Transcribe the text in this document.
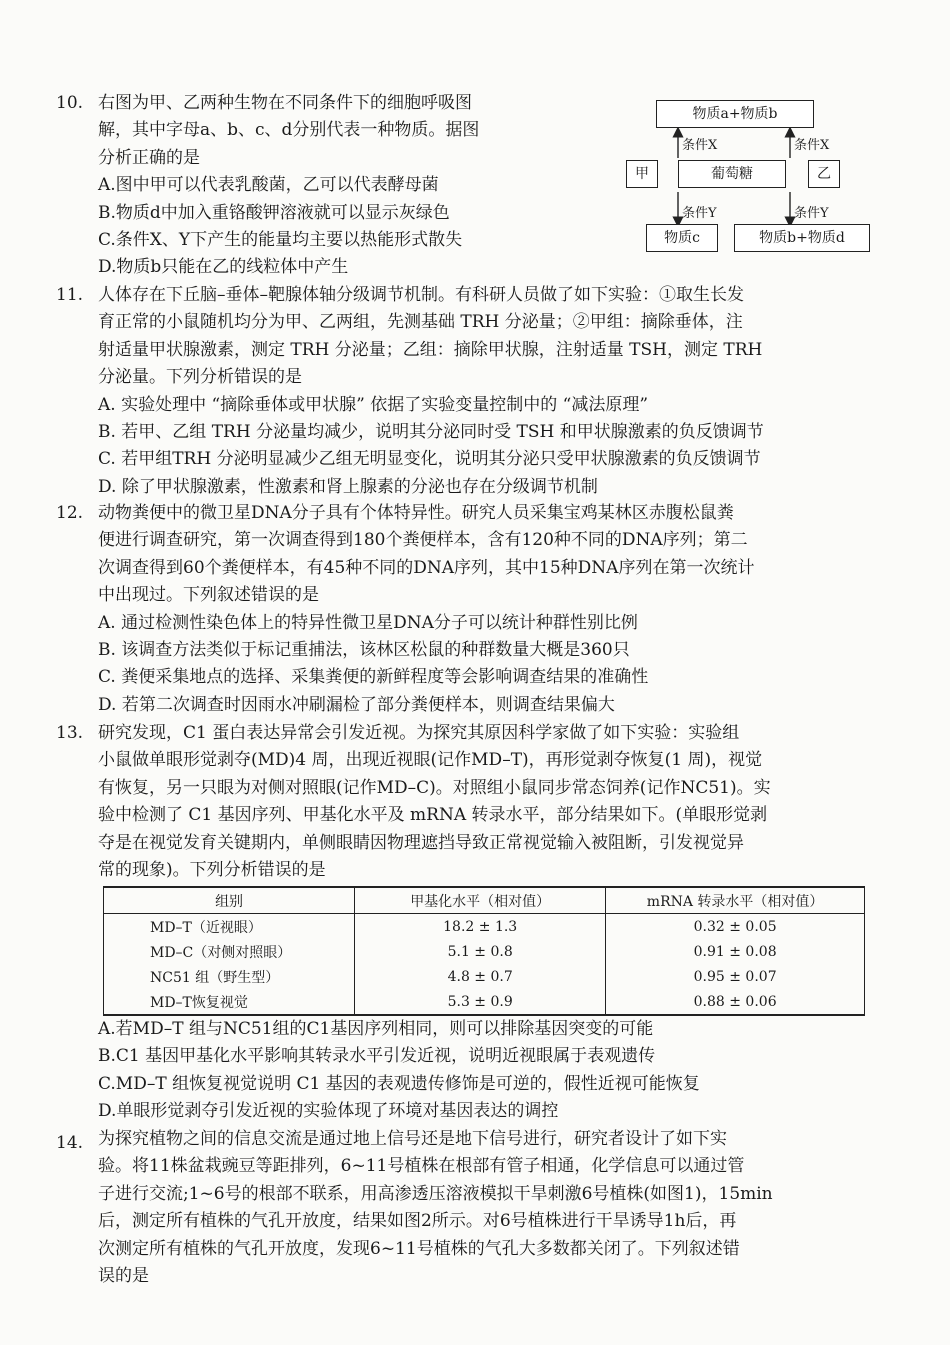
10. 右图为甲、乙两种生物在不同条件下的细胞呼吸图
解，其中字母a、b、c、d分别代表一种物质。据图
分析正确的是
A.图中甲可以代表乳酸菌，乙可以代表酵母菌
B.物质d中加入重铬酸钾溶液就可以显示灰绿色
C.条件X、Y下产生的能量均主要以热能形式散失
D.物质b只能在乙的线粒体中产生
物质a+物质b
条件X	条件X
甲	葡萄糖	乙
条件Y	条件Y
物质c	物质b+物质d
11. 人体存在下丘脑–垂体–靶腺体轴分级调节机制。有科研人员做了如下实验：①取生长发
育正常的小鼠随机均分为甲、乙两组，先测基础 TRH 分泌量；②甲组：摘除垂体，注
射适量甲状腺激素，测定 TRH 分泌量；乙组：摘除甲状腺，注射适量 TSH，测定 TRH
分泌量。下列分析错误的是
A. 实验处理中 “摘除垂体或甲状腺” 依据了实验变量控制中的 “减法原理”
B. 若甲、乙组 TRH 分泌量均减少，说明其分泌同时受 TSH 和甲状腺激素的负反馈调节
C. 若甲组TRH 分泌明显减少乙组无明显变化，说明其分泌只受甲状腺激素的负反馈调节
D. 除了甲状腺激素，性激素和肾上腺素的分泌也存在分级调节机制
12. 动物粪便中的微卫星DNA分子具有个体特异性。研究人员采集宝鸡某林区赤腹松鼠粪
便进行调查研究，第一次调查得到180个粪便样本，含有120种不同的DNA序列；第二
次调查得到60个粪便样本，有45种不同的DNA序列，其中15种DNA序列在第一次统计
中出现过。下列叙述错误的是
A. 通过检测性染色体上的特异性微卫星DNA分子可以统计种群性别比例
B. 该调查方法类似于标记重捕法，该林区松鼠的种群数量大概是360只
C. 粪便采集地点的选择、采集粪便的新鲜程度等会影响调查结果的准确性
D. 若第二次调查时因雨水冲刷漏检了部分粪便样本，则调查结果偏大
13. 研究发现，C1 蛋白表达异常会引发近视。为探究其原因科学家做了如下实验：实验组
小鼠做单眼形觉剥夺(MD)4 周，出现近视眼(记作MD–T)，再形觉剥夺恢复(1 周)，视觉
有恢复，另一只眼为对侧对照眼(记作MD–C)。对照组小鼠同步常态饲养(记作NC51)。实
验中检测了 C1 基因序列、甲基化水平及 mRNA 转录水平，部分结果如下。(单眼形觉剥
夺是在视觉发育关键期内，单侧眼睛因物理遮挡导致正常视觉输入被阻断，引发视觉异
常的现象)。下列分析错误的是
组别	甲基化水平（相对值）	mRNA 转录水平（相对值）
MD–T（近视眼）	18.2 ± 1.3	0.32 ± 0.05
MD–C（对侧对照眼）	5.1 ± 0.8	0.91 ± 0.08
NC51 组（野生型）	4.8 ± 0.7	0.95 ± 0.07
MD–T恢复视觉	5.3 ± 0.9	0.88 ± 0.06
A.若MD–T 组与NC51组的C1基因序列相同，则可以排除基因突变的可能
B.C1 基因甲基化水平影响其转录水平引发近视，说明近视眼属于表观遗传
C.MD–T 组恢复视觉说明 C1 基因的表观遗传修饰是可逆的，假性近视可能恢复
D.单眼形觉剥夺引发近视的实验体现了环境对基因表达的调控
14. 为探究植物之间的信息交流是通过地上信号还是地下信号进行，研究者设计了如下实
验。将11株盆栽豌豆等距排列，6~11号植株在根部有管子相通，化学信息可以通过管
子进行交流;1~6号的根部不联系，用高渗透压溶液模拟干旱刺激6号植株(如图1)，15min
后，测定所有植株的气孔开放度，结果如图2所示。对6号植株进行干旱诱导1h后，再
次测定所有植株的气孔开放度，发现6~11号植株的气孔大多数都关闭了。下列叙述错
误的是
